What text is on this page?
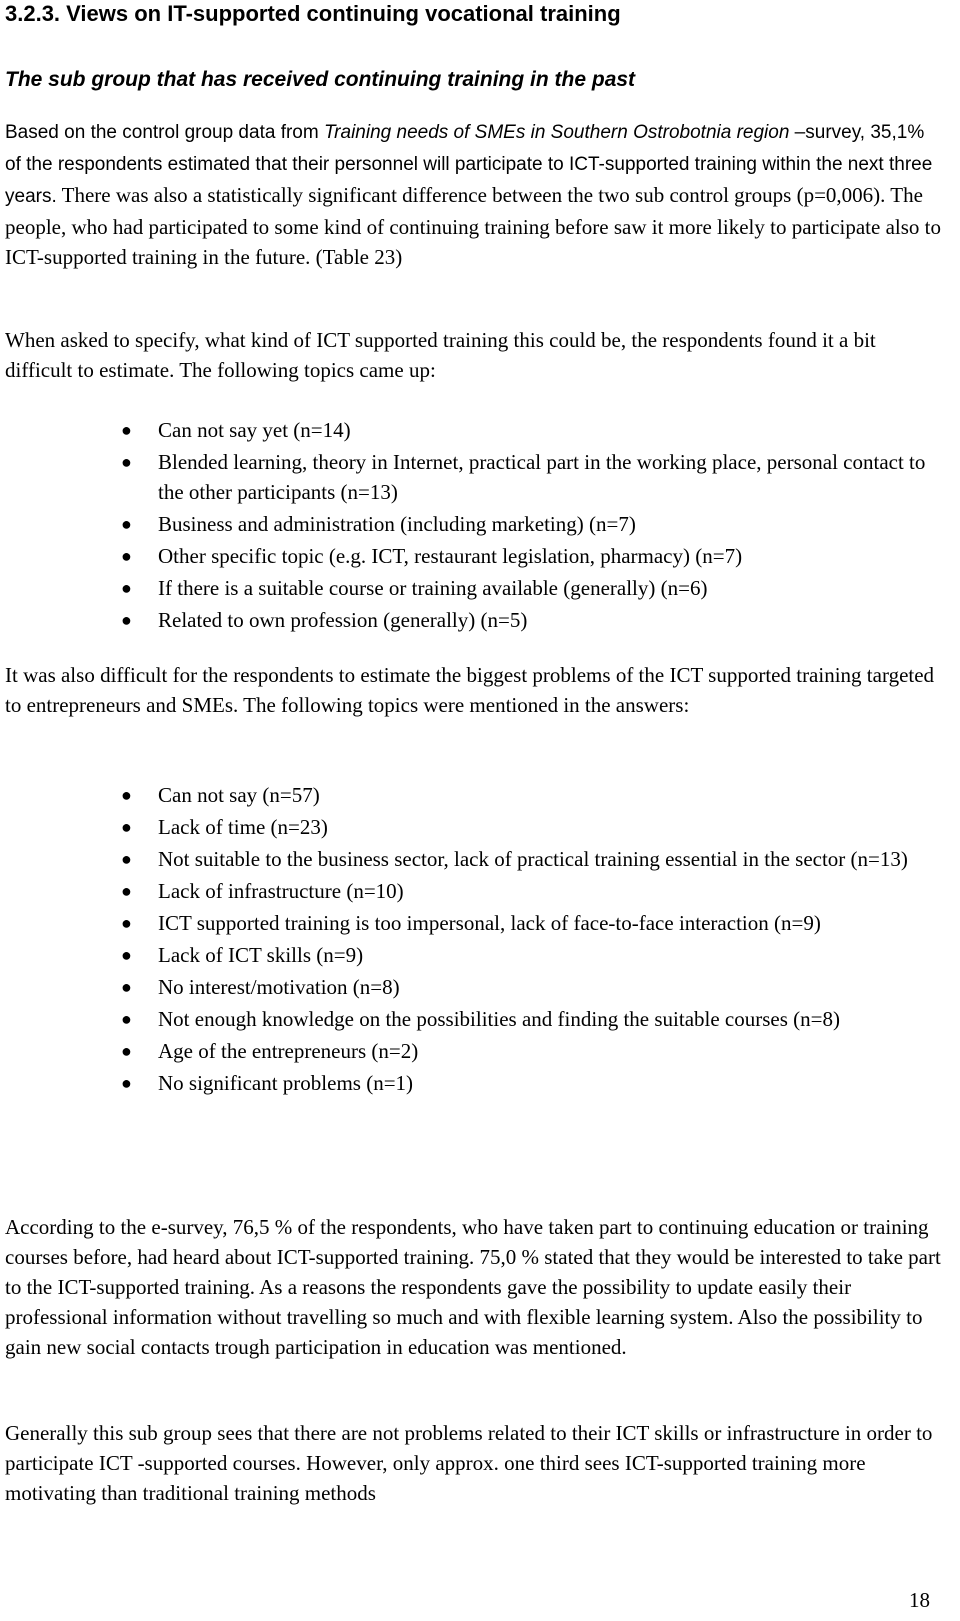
3.2.3. Views on IT-supported continuing vocational training
The sub group that has received continuing training in the past

Based on the control group data from Training needs of SMEs in Southern Ostrobotnia region –survey, 35,1% of the respondents estimated that their personnel will participate to ICT-supported training within the next three years. There was also a statistically significant difference between the two sub control groups (p=0,006). The people, who had participated to some kind of continuing training before saw it more likely to participate also to ICT-supported training in the future. (Table 23)

When asked to specify, what kind of ICT supported training this could be, the respondents found it a bit difficult to estimate. The following topics came up:

● Can not say yet (n=14)
● Blended learning, theory in Internet, practical part in the working place, personal contact to the other participants (n=13)
● Business and administration (including marketing) (n=7)
● Other specific topic (e.g. ICT, restaurant legislation, pharmacy) (n=7)
● If there is a suitable course or training available (generally) (n=6)
● Related to own profession (generally) (n=5)

It was also difficult for the respondents to estimate the biggest problems of the ICT supported training targeted to entrepreneurs and SMEs. The following topics were mentioned in the answers:

● Can not say (n=57)
● Lack of time (n=23)
● Not suitable to the business sector, lack of practical training essential in the sector (n=13)
● Lack of infrastructure (n=10)
● ICT supported training is too impersonal, lack of face-to-face interaction (n=9)
● Lack of ICT skills (n=9)
● No interest/motivation (n=8)
● Not enough knowledge on the possibilities and finding the suitable courses (n=8)
● Age of the entrepreneurs (n=2)
● No significant problems (n=1)

According to the e-survey, 76,5 % of the respondents, who have taken part to continuing education or training courses before, had heard about ICT-supported training. 75,0 % stated that they would be interested to take part to the ICT-supported training. As a reasons the respondents gave the possibility to update easily their professional information without travelling so much and with flexible learning system. Also the possibility to gain new social contacts trough participation in education was mentioned.

Generally this sub group sees that there are not problems related to their ICT skills or infrastructure in order to participate ICT -supported courses. However, only approx. one third sees ICT-supported training more motivating than traditional training methods

18
